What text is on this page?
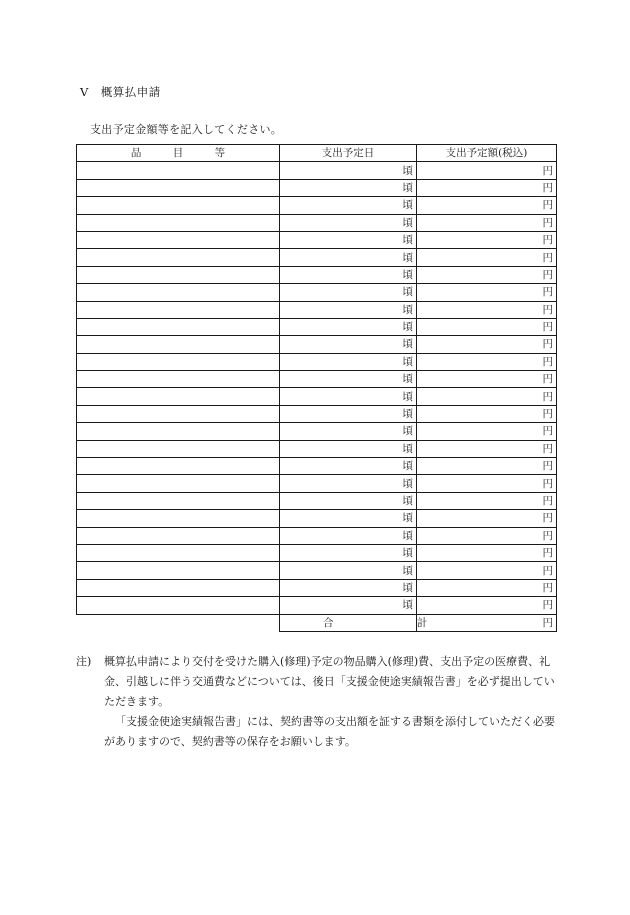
Ⅴ 概算払申請
支出予定金額等を記入してください。
品 目 等	支出予定日	支出予定額(税込)
	頃	円
	頃	円
	頃	円
	頃	円
	頃	円
	頃	円
	頃	円
	頃	円
	頃	円
	頃	円
	頃	円
	頃	円
	頃	円
	頃	円
	頃	円
	頃	円
	頃	円
	頃	円
	頃	円
	頃	円
	頃	円
	頃	円
	頃	円
	頃	円
	頃	円
	頃	円
	合 計	円
注) 概算払申請により交付を受けた購入(修理)予定の物品購入(修理)費、支出予定の医療費、礼金、引越しに伴う交通費などについては、後日「支援金使途実績報告書」を必ず提出していただきます。

「支援金使途実績報告書」には、契約書等の支出額を証する書類を添付していただく必要がありますので、契約書等の保存をお願いします。
